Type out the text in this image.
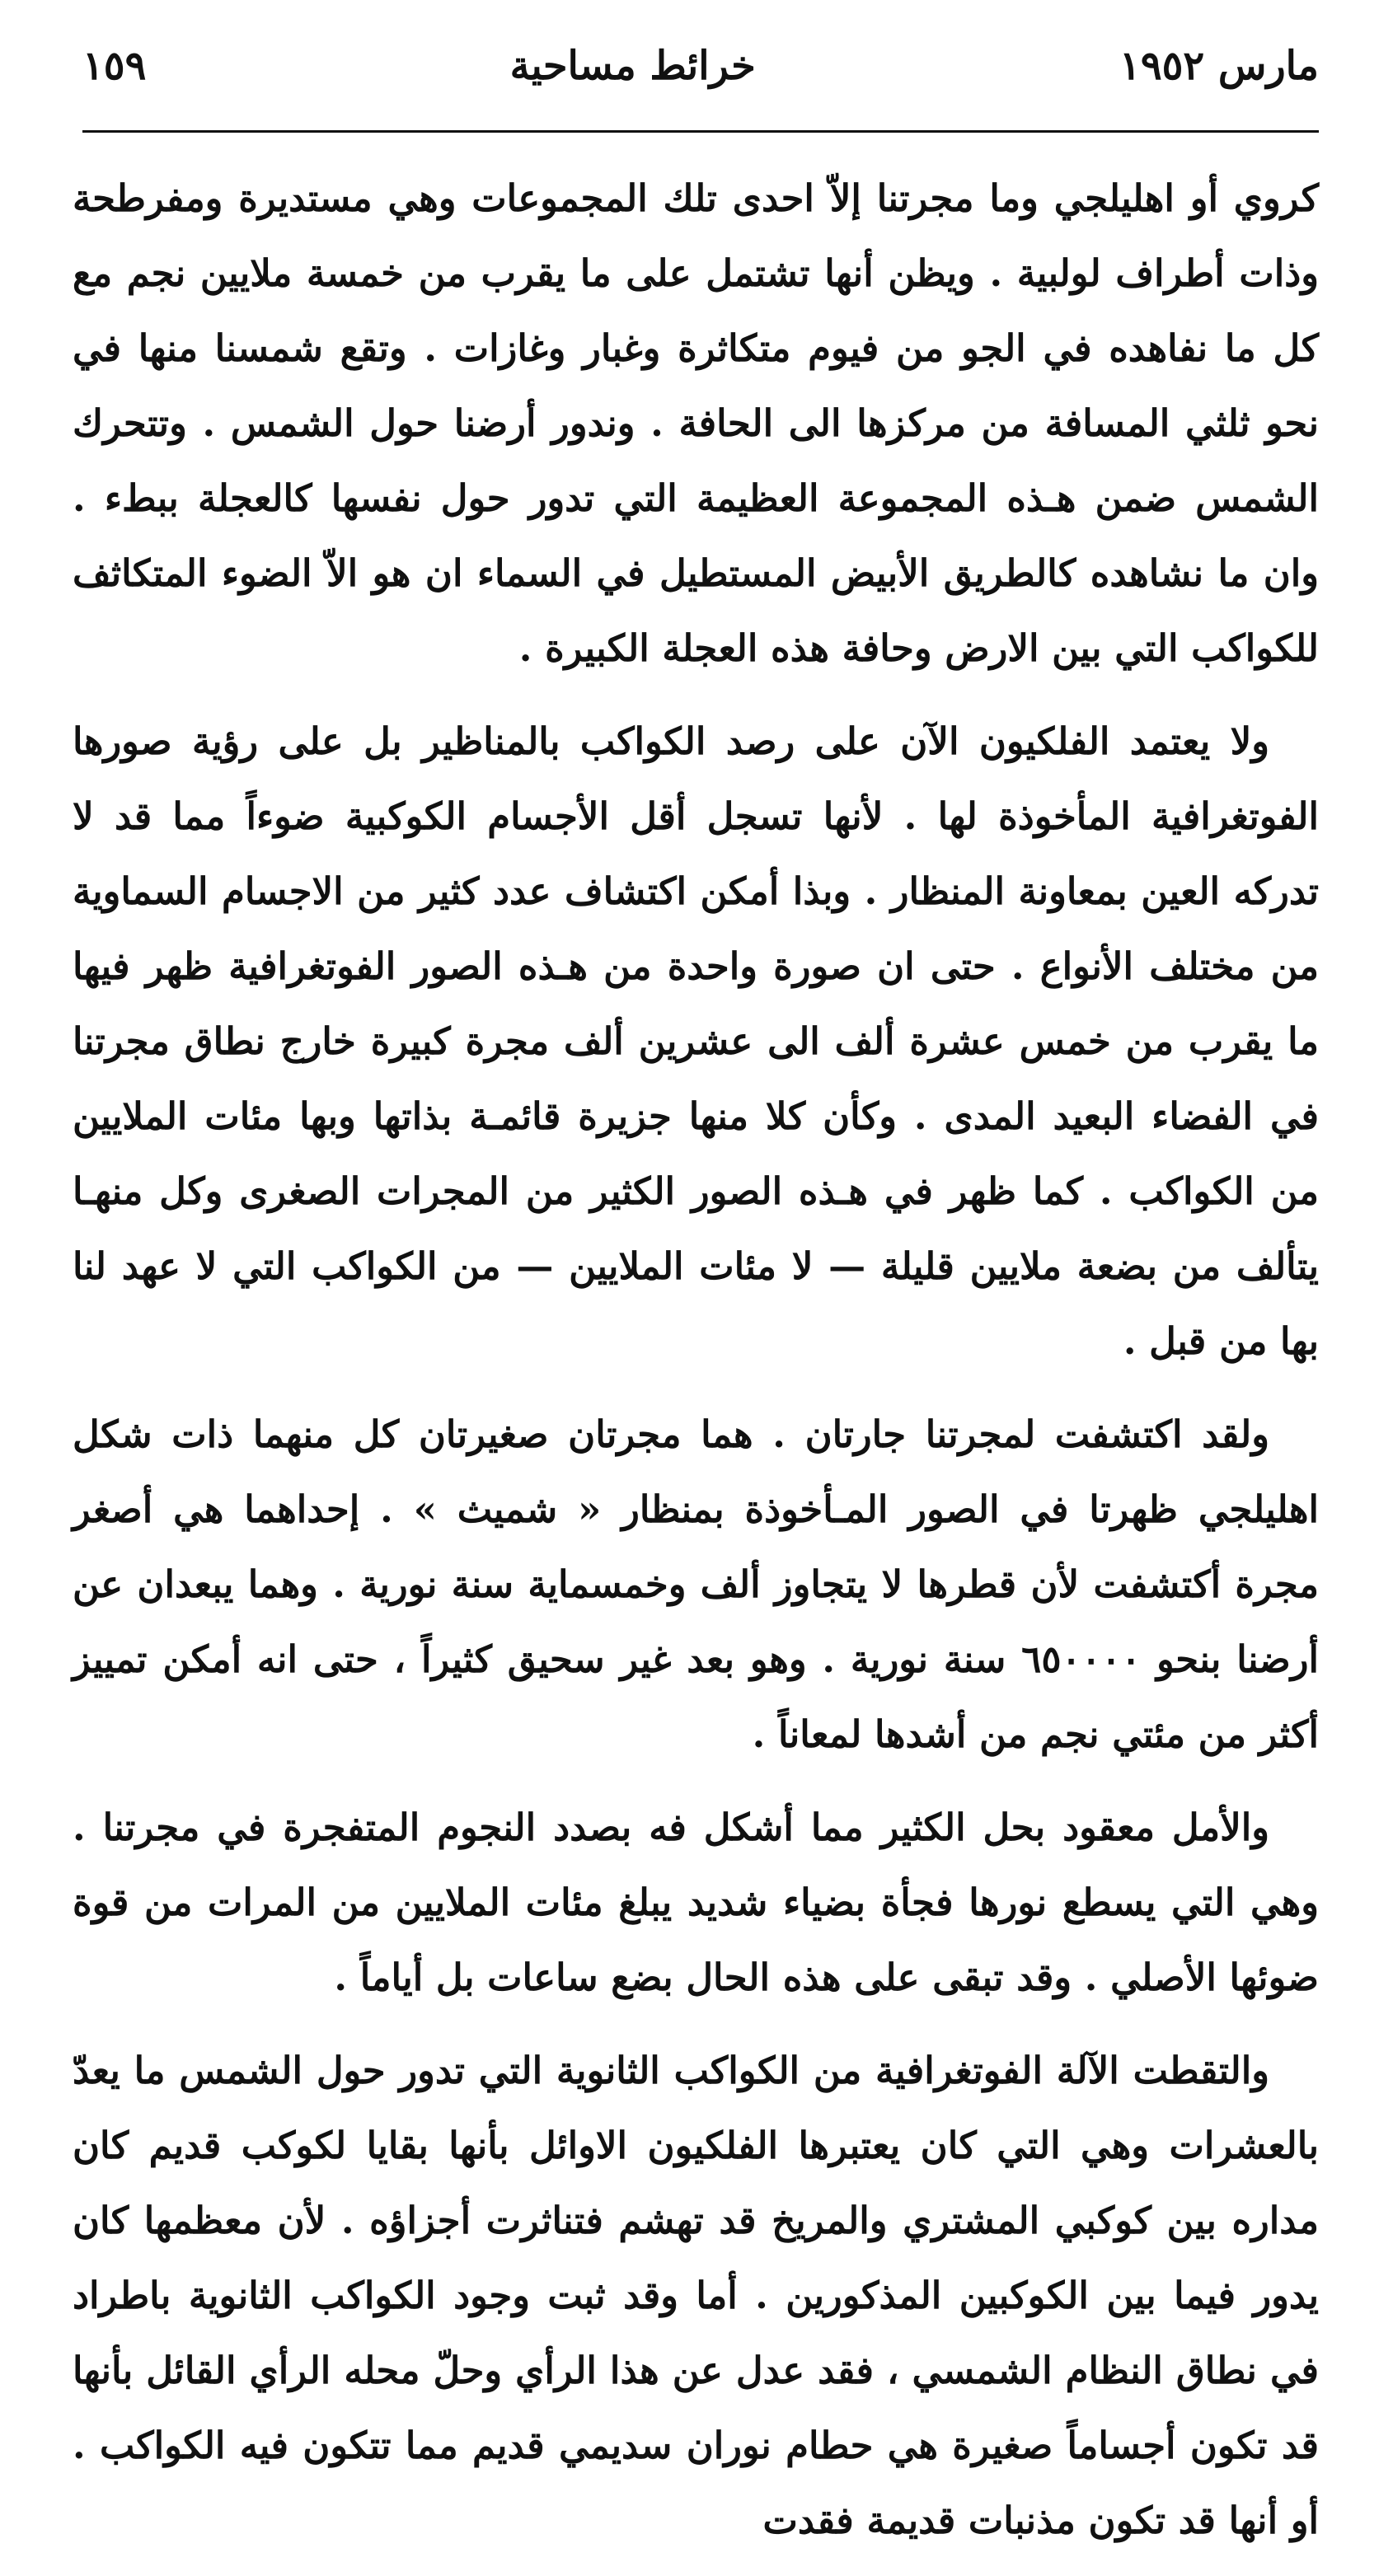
مارس ١٩٥٢
خرائط مساحية
١٥٩

كروي أو اهليلجي وما مجرتنا إلاّ احدى تلك المجموعات وهي مستديرة ومفرطحة وذات أطراف لولبية . ويظن أنها تشتمل على ما يقرب من خمسة ملايين نجم مع كل ما نفاهده في الجو من فيوم متكاثرة وغبار وغازات . وتقع شمسنا منها في نحو ثلثي المسافة من مركزها الى الحافة . وندور أرضنا حول الشمس . وتتحرك الشمس ضمن هـذه المجموعة العظيمة التي تدور حول نفسها كالعجلة ببطء . وان ما نشاهده كالطريق الأبيض المستطيل في السماء ان هو الاّ الضوء المتكاثف للكواكب التي بين الارض وحافة هذه العجلة الكبيرة .

ولا يعتمد الفلكيون الآن على رصد الكواكب بالمناظير بل على رؤية صورها الفوتغرافية المأخوذة لها . لأنها تسجل أقل الأجسام الكوكبية ضوءاً مما قد لا تدركه العين بمعاونة المنظار . وبذا أمكن اكتشاف عدد كثير من الاجسام السماوية من مختلف الأنواع . حتى ان صورة واحدة من هـذه الصور الفوتغرافية ظهر فيها ما يقرب من خمس عشرة ألف الى عشرين ألف مجرة كبيرة خارج نطاق مجرتنا في الفضاء البعيد المدى . وكأن كلا منها جزيرة قائمـة بذاتها وبها مئات الملايين من الكواكب . كما ظهر في هـذه الصور الكثير من المجرات الصغرى وكل منهـا يتألف من بضعة ملايين قليلة — لا مئات الملايين — من الكواكب التي لا عهد لنا بها من قبل .

ولقد اكتشفت لمجرتنا جارتان . هما مجرتان صغيرتان كل منهما ذات شكل اهليلجي ظهرتا في الصور المـأخوذة بمنظار « شميث » . إحداهما هي أصغر مجرة أكتشفت لأن قطرها لا يتجاوز ألف وخمسماية سنة نورية . وهما يبعدان عن أرضنا بنحو ٦٥٠٠٠٠ سنة نورية . وهو بعد غير سحيق كثيراً ، حتى انه أمكن تمييز أكثر من مئتي نجم من أشدها لمعاناً .

والأمل معقود بحل الكثير مما أشكل فه بصدد النجوم المتفجرة في مجرتنا . وهي التي يسطع نورها فجأة بضياء شديد يبلغ مئات الملايين من المرات من قوة ضوئها الأصلي . وقد تبقى على هذه الحال بضع ساعات بل أياماً .

والتقطت الآلة الفوتغرافية من الكواكب الثانوية التي تدور حول الشمس ما يعدّ بالعشرات وهي التي كان يعتبرها الفلكيون الاوائل بأنها بقايا لكوكب قديم كان مداره بين كوكبي المشتري والمريخ قد تهشم فتناثرت أجزاؤه . لأن معظمها كان يدور فيما بين الكوكبين المذكورين . أما وقد ثبت وجود الكواكب الثانوية باطراد في نطاق النظام الشمسي ، فقد عدل عن هذا الرأي وحلّ محله الرأي القائل بأنها قد تكون أجساماً صغيرة هي حطام نوران سديمي قديم مما تتكون فيه الكواكب . أو أنها قد تكون مذنبات قديمة فقدت
